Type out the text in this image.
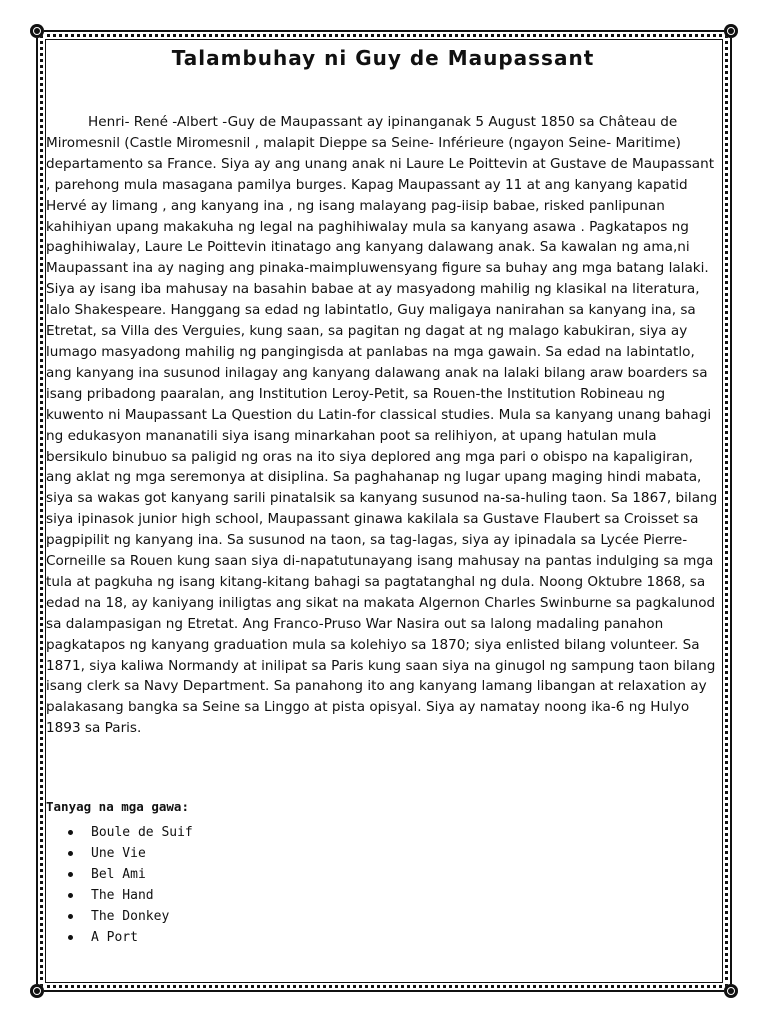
Talambuhay ni Guy de Maupassant

Henri- René -Albert -Guy de Maupassant ay ipinanganak 5 August 1850 sa Château de Miromesnil (Castle Miromesnil , malapit Dieppe sa Seine- Inférieure (ngayon Seine- Maritime) departamento sa France. Siya ay ang unang anak ni Laure Le Poittevin at Gustave de Maupassant , parehong mula masagana pamilya burges. Kapag Maupassant ay 11 at ang kanyang kapatid Hervé ay limang , ang kanyang ina , ng isang malayang pag-iisip babae, risked panlipunan kahihiyan upang makakuha ng legal na paghihiwalay mula sa kanyang asawa . Pagkatapos ng paghihiwalay, Laure Le Poittevin itinatago ang kanyang dalawang anak. Sa kawalan ng ama,ni Maupassant ina ay naging ang pinaka-maimpluwensyang figure sa buhay ang mga batang lalaki. Siya ay isang iba mahusay na basahin babae at ay masyadong mahilig ng klasikal na literatura, lalo Shakespeare. Hanggang sa edad ng labintatlo, Guy maligaya nanirahan sa kanyang ina, sa Etretat, sa Villa des Verguies, kung saan, sa pagitan ng dagat at ng malago kabukiran, siya ay lumago masyadong mahilig ng pangingisda at panlabas na mga gawain. Sa edad na labintatlo, ang kanyang ina susunod inilagay ang kanyang dalawang anak na lalaki bilang araw boarders sa isang pribadong paaralan, ang Institution Leroy-Petit, sa Rouen-the Institution Robineau ng kuwento ni Maupassant La Question du Latin-for classical studies. Mula sa kanyang unang bahagi ng edukasyon mananatili siya isang minarkahan poot sa relihiyon, at upang hatulan mula bersikulo binubuo sa paligid ng oras na ito siya deplored ang mga pari o obispo na kapaligiran, ang aklat ng mga seremonya at disiplina. Sa paghahanap ng lugar upang maging hindi mabata, siya sa wakas got kanyang sarili pinatalsik sa kanyang susunod na-sa-huling taon. Sa 1867, bilang siya ipinasok junior high school, Maupassant ginawa kakilala sa Gustave Flaubert sa Croisset sa pagpipilit ng kanyang ina. Sa susunod na taon, sa tag-lagas, siya ay ipinadala sa Lycée Pierre-Corneille sa Rouen kung saan siya di-napatutunayang isang mahusay na pantas indulging sa mga tula at pagkuha ng isang kitang-kitang bahagi sa pagtatanghal ng dula. Noong Oktubre 1868, sa edad na 18, ay kaniyang iniligtas ang sikat na makata Algernon Charles Swinburne sa pagkalunod sa dalampasigan ng Etretat. Ang Franco-Pruso War Nasira out sa lalong madaling panahon pagkatapos ng kanyang graduation mula sa kolehiyo sa 1870; siya enlisted bilang volunteer. Sa 1871, siya kaliwa Normandy at inilipat sa Paris kung saan siya na ginugol ng sampung taon bilang isang clerk sa Navy Department. Sa panahong ito ang kanyang lamang libangan at relaxation ay palakasang bangka sa Seine sa Linggo at pista opisyal. Siya ay namatay noong ika-6 ng Hulyo 1893 sa Paris.

Tanyag na mga gawa:
Boule de Suif
Une Vie
Bel Ami
The Hand
The Donkey
A Port
